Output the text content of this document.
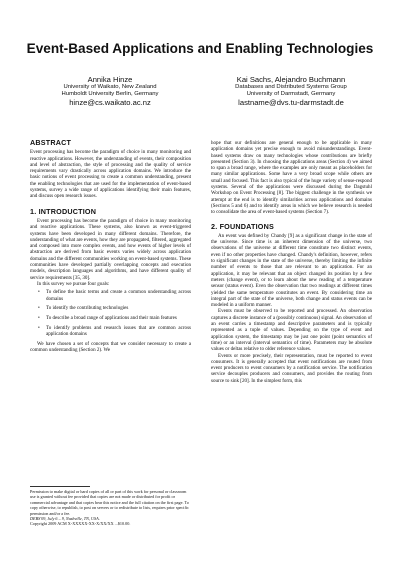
Event-Based Applications and Enabling Technologies
Annika Hinze
University of Waikato, New Zealand
Humboldt University Berlin, Germany
hinze@cs.waikato.ac.nz
Kai Sachs, Alejandro Buchmann
Databases and Distributed Systems Group
University of Darmstadt, Germany
lastname@dvs.tu-darmstadt.de
ABSTRACT

Event processing has become the paradigm of choice in many monitoring and reactive applications. However, the understanding of events, their composition and level of abstraction, the style of processing and the quality of service requirements vary drastically across application domains. We introduce the basic notions of event processing to create a common understanding, present the enabling technologies that are used for the implementation of event-based systems, survey a wide range of applications identifying their main features, and discuss open research issues.

1. INTRODUCTION

Event processing has become the paradigm of choice in many monitoring and reactive applications. These systems, also known as event-triggered systems have been developed in many different domains. Therefore, the understanding of what are events, how they are propagated, filtered, aggregated and composed into more complex events, and how events of higher levels of abstraction are derived from basic events varies widely across application domains and the different communities working on event-based systems. These communities have developed partially overlapping concepts and execution models, description languages and algorithms, and have different quality of service requirements [35, 30].

In this survey we pursue four goals:

• To define the basic terms and create a common understanding across domains
• To identify the contributing technologies
• To describe a broad range of applications and their main features
• To identify problems and research issues that are common across application domains

We have chosen a set of concepts that we consider necessary to create a common understanding (Section 2). We

Permission to make digital or hard copies of all or part of this work for personal or classroom use is granted without fee provided that copies are not made or distributed for profit or commercial advantage and that copies bear this notice and the full citation on the first page. To copy otherwise, to republish, to post on servers or to redistribute to lists, requires prior specific permission and/or a fee.

DEBS'09, July 6 – 9, Nashville, TN, USA.

Copyright 2009 ACM X-XXXXX-XX-X/XX/XX ...$10.00.

hope that our definitions are general enough to be applicable in many application domains yet precise enough to avoid misunderstandings. Event-based systems draw on many technologies whose contributions are briefly presented (Section 3). In choosing the applications areas (Section 4) we aimed to span a broad range, where the examples are only meant as placeholders for many similar applications. Some have a very broad scope while others are small and focused. This fact is also typical of the huge variety of sense-respond systems. Several of the applications were discussed during the Dagstuhl Workshop on Event Processing [8]. The biggest challenge in the synthesis we attempt at the end is to identify similarities across applications and domains (Sections 5 and 6) and to identify areas in which we believe research is needed to consolidate the area of event-based systems (Section 7).

2. FOUNDATIONS

An event was defined by Chandy [9] as a significant change in the state of the universe. Since time is an inherent dimension of the universe, two observations of the universe at different time constitute two distinct events, even if no other properties have changed. Chandy's definition, however, refers to significant changes in the state of the universe, thereby limiting the infinite number of events to those that are relevant to an application. For an application, it may be relevant that an object changed its position by a few meters (change event), or to learn about the new reading of a temperature sensor (status event). Even the observation that two readings at different times yielded the same temperature constitutes an event. By considering time an integral part of the state of the universe, both change and status events can be modeled in a uniform manner.

Events must be observed to be reported and processed. An observation captures a discrete instance of a (possibly continuous) signal. An observation of an event carries a timestamp and descriptive parameters and is typically represented as a tuple of values. Depending on the type of event and application system, the timestamp may be just one point (point semantics of time) or an interval (interval semantics of time). Parameters may be absolute values or deltas relative to older reference values.

Events or more precisely, their representation, must be reported to event consumers. It is generally accepted that event notifications are routed from event producers to event consumers by a notification service. The notification service decouples producers and consumers, and provides the routing from source to sink [20]. In the simplest form, this
